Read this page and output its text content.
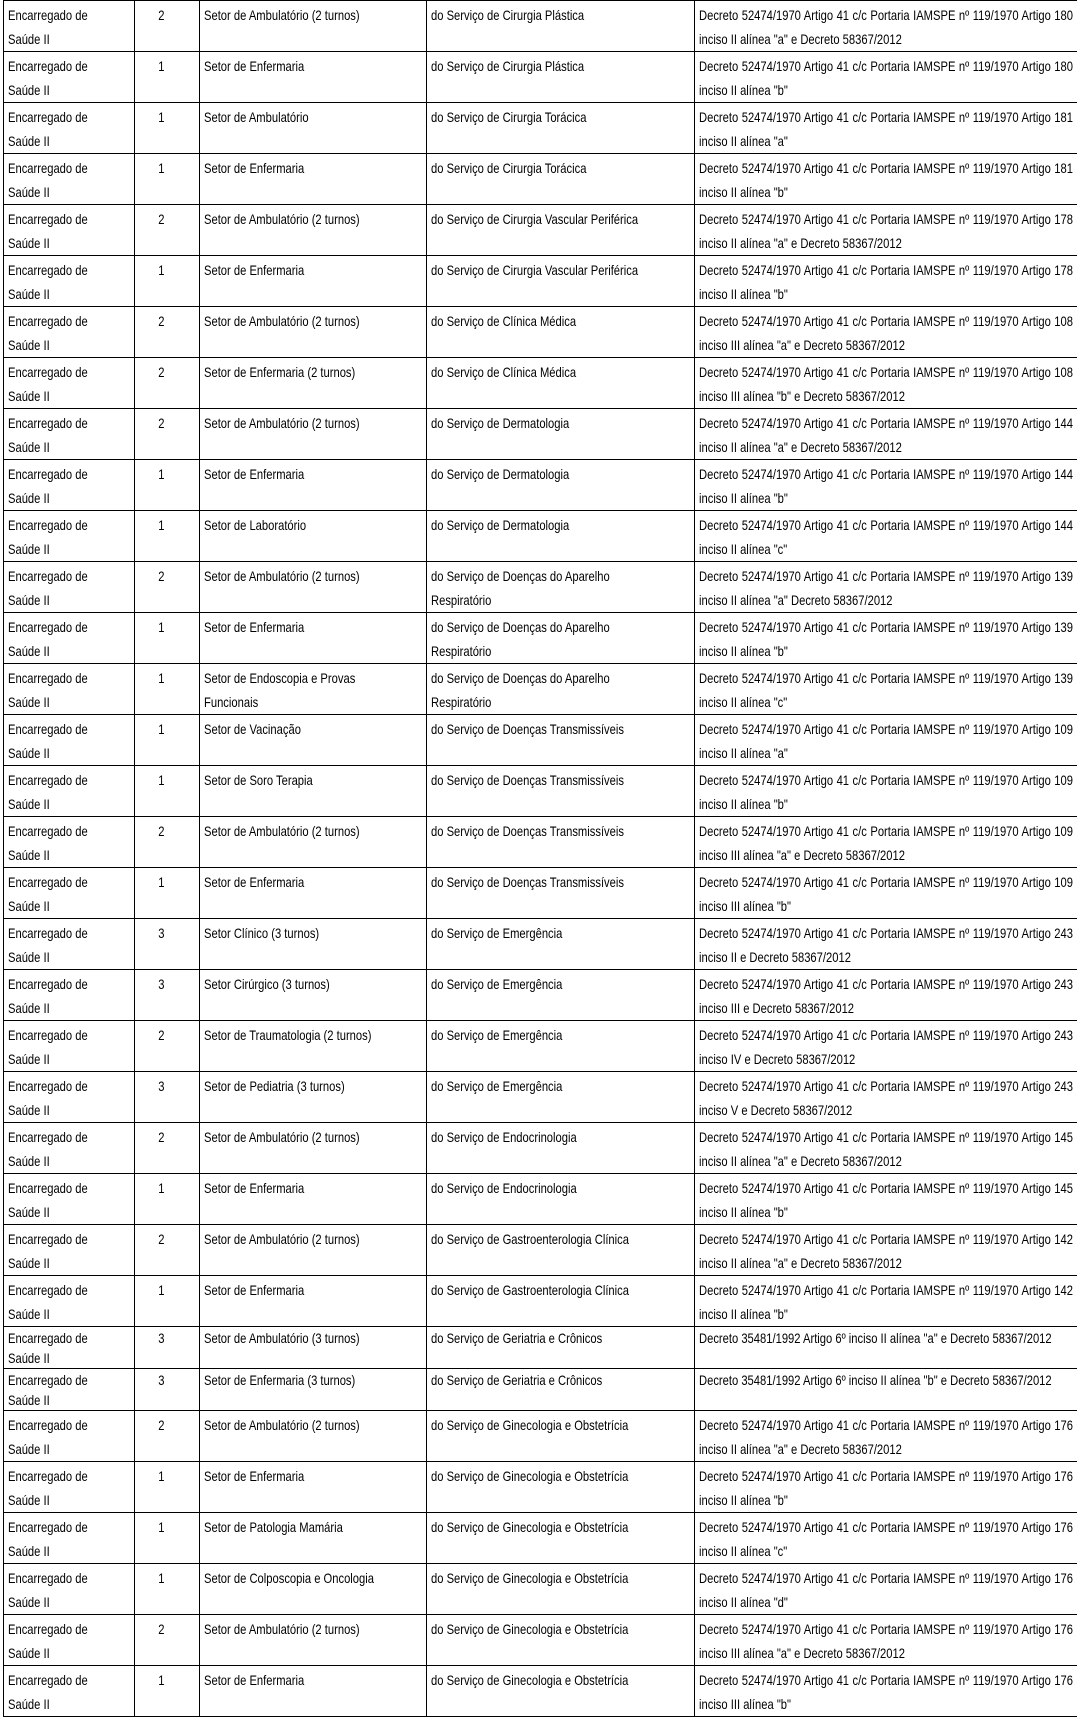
Encarregado de Saúde II	2	Setor de Ambulatório (2 turnos)	do Serviço de Cirurgia Plástica	Decreto 52474/1970 Artigo 41 c/c Portaria IAMSPE nº 119/1970 Artigo 180 inciso II alínea "a" e Decreto 58367/2012

Encarregado de Saúde II	1	Setor de Enfermaria	do Serviço de Cirurgia Plástica	Decreto 52474/1970 Artigo 41 c/c Portaria IAMSPE nº 119/1970 Artigo 180 inciso II alínea "b"

Encarregado de Saúde II	1	Setor de Ambulatório	do Serviço de Cirurgia Torácica	Decreto 52474/1970 Artigo 41 c/c Portaria IAMSPE nº 119/1970 Artigo 181 inciso II alínea "a"

Encarregado de Saúde II	1	Setor de Enfermaria	do Serviço de Cirurgia Torácica	Decreto 52474/1970 Artigo 41 c/c Portaria IAMSPE nº 119/1970 Artigo 181 inciso II alínea "b"

Encarregado de Saúde II	2	Setor de Ambulatório (2 turnos)	do Serviço de Cirurgia Vascular Periférica	Decreto 52474/1970 Artigo 41 c/c Portaria IAMSPE nº 119/1970 Artigo 178 inciso II alínea "a" e Decreto 58367/2012

Encarregado de Saúde II	1	Setor de Enfermaria	do Serviço de Cirurgia Vascular Periférica	Decreto 52474/1970 Artigo 41 c/c Portaria IAMSPE nº 119/1970 Artigo 178 inciso II alínea "b"

Encarregado de Saúde II	2	Setor de Ambulatório (2 turnos)	do Serviço de Clínica Médica	Decreto 52474/1970 Artigo 41 c/c Portaria IAMSPE nº 119/1970 Artigo 108 inciso III alínea "a" e Decreto 58367/2012

Encarregado de Saúde II	2	Setor de Enfermaria (2 turnos)	do Serviço de Clínica Médica	Decreto 52474/1970 Artigo 41 c/c Portaria IAMSPE nº 119/1970 Artigo 108 inciso III alínea "b" e Decreto 58367/2012

Encarregado de Saúde II	2	Setor de Ambulatório (2 turnos)	do Serviço de Dermatologia	Decreto 52474/1970 Artigo 41 c/c Portaria IAMSPE nº 119/1970 Artigo 144 inciso II alínea "a" e Decreto 58367/2012

Encarregado de Saúde II	1	Setor de Enfermaria	do Serviço de Dermatologia	Decreto 52474/1970 Artigo 41 c/c Portaria IAMSPE nº 119/1970 Artigo 144 inciso II alínea "b"

Encarregado de Saúde II	1	Setor de Laboratório	do Serviço de Dermatologia	Decreto 52474/1970 Artigo 41 c/c Portaria IAMSPE nº 119/1970 Artigo 144 inciso II alínea "c"

Encarregado de Saúde II	2	Setor de Ambulatório (2 turnos)	do Serviço de Doenças do Aparelho Respiratório	Decreto 52474/1970 Artigo 41 c/c Portaria IAMSPE nº 119/1970 Artigo 139 inciso II alínea "a" Decreto 58367/2012

Encarregado de Saúde II	1	Setor de Enfermaria	do Serviço de Doenças do Aparelho Respiratório	Decreto 52474/1970 Artigo 41 c/c Portaria IAMSPE nº 119/1970 Artigo 139 inciso II alínea "b"

Encarregado de Saúde II	1	Setor de Endoscopia e Provas Funcionais	do Serviço de Doenças do Aparelho Respiratório	Decreto 52474/1970 Artigo 41 c/c Portaria IAMSPE nº 119/1970 Artigo 139 inciso II alínea "c"

Encarregado de Saúde II	1	Setor de Vacinação	do Serviço de Doenças Transmissíveis	Decreto 52474/1970 Artigo 41 c/c Portaria IAMSPE nº 119/1970 Artigo 109 inciso II alínea "a"

Encarregado de Saúde II	1	Setor de Soro Terapia	do Serviço de Doenças Transmissíveis	Decreto 52474/1970 Artigo 41 c/c Portaria IAMSPE nº 119/1970 Artigo 109 inciso II alínea "b"

Encarregado de Saúde II	2	Setor de Ambulatório (2 turnos)	do Serviço de Doenças Transmissíveis	Decreto 52474/1970 Artigo 41 c/c Portaria IAMSPE nº 119/1970 Artigo 109 inciso III alínea "a" e Decreto 58367/2012

Encarregado de Saúde II	1	Setor de Enfermaria	do Serviço de Doenças Transmissíveis	Decreto 52474/1970 Artigo 41 c/c Portaria IAMSPE nº 119/1970 Artigo 109 inciso III alínea "b"

Encarregado de Saúde II	3	Setor Clínico (3 turnos)	do Serviço de Emergência	Decreto 52474/1970 Artigo 41 c/c Portaria IAMSPE nº 119/1970 Artigo 243 inciso II e Decreto 58367/2012

Encarregado de Saúde II	3	Setor Cirúrgico (3 turnos)	do Serviço de Emergência	Decreto 52474/1970 Artigo 41 c/c Portaria IAMSPE nº 119/1970 Artigo 243 inciso III e Decreto 58367/2012

Encarregado de Saúde II	2	Setor de Traumatologia (2 turnos)	do Serviço de Emergência	Decreto 52474/1970 Artigo 41 c/c Portaria IAMSPE nº 119/1970 Artigo 243 inciso IV e Decreto 58367/2012

Encarregado de Saúde II	3	Setor de Pediatria (3 turnos)	do Serviço de Emergência	Decreto 52474/1970 Artigo 41 c/c Portaria IAMSPE nº 119/1970 Artigo 243 inciso V e Decreto 58367/2012

Encarregado de Saúde II	2	Setor de Ambulatório (2 turnos)	do Serviço de Endocrinologia	Decreto 52474/1970 Artigo 41 c/c Portaria IAMSPE nº 119/1970 Artigo 145 inciso II alínea "a" e Decreto 58367/2012

Encarregado de Saúde II	1	Setor de Enfermaria	do Serviço de Endocrinologia	Decreto 52474/1970 Artigo 41 c/c Portaria IAMSPE nº 119/1970 Artigo 145 inciso II alínea "b"

Encarregado de Saúde II	2	Setor de Ambulatório (2 turnos)	do Serviço de Gastroenterologia Clínica	Decreto 52474/1970 Artigo 41 c/c Portaria IAMSPE nº 119/1970 Artigo 142 inciso II alínea "a" e Decreto 58367/2012

Encarregado de Saúde II	1	Setor de Enfermaria	do Serviço de Gastroenterologia Clínica	Decreto 52474/1970 Artigo 41 c/c Portaria IAMSPE nº 119/1970 Artigo 142 inciso II alínea "b"

Encarregado de Saúde II	3	Setor de Ambulatório (3 turnos)	do Serviço de Geriatria e Crônicos	Decreto 35481/1992 Artigo 6º inciso II alínea "a" e Decreto 58367/2012

Encarregado de Saúde II	3	Setor de Enfermaria (3 turnos)	do Serviço de Geriatria e Crônicos	Decreto 35481/1992 Artigo 6º inciso II alínea "b" e Decreto 58367/2012

Encarregado de Saúde II	2	Setor de Ambulatório (2 turnos)	do Serviço de Ginecologia e Obstetrícia	Decreto 52474/1970 Artigo 41 c/c Portaria IAMSPE nº 119/1970 Artigo 176 inciso II alínea "a" e Decreto 58367/2012

Encarregado de Saúde II	1	Setor de Enfermaria	do Serviço de Ginecologia e Obstetrícia	Decreto 52474/1970 Artigo 41 c/c Portaria IAMSPE nº 119/1970 Artigo 176 inciso II alínea "b"

Encarregado de Saúde II	1	Setor de Patologia Mamária	do Serviço de Ginecologia e Obstetrícia	Decreto 52474/1970 Artigo 41 c/c Portaria IAMSPE nº 119/1970 Artigo 176 inciso II alínea "c"

Encarregado de Saúde II	1	Setor de Colposcopia e Oncologia	do Serviço de Ginecologia e Obstetrícia	Decreto 52474/1970 Artigo 41 c/c Portaria IAMSPE nº 119/1970 Artigo 176 inciso II alínea "d"

Encarregado de Saúde II	2	Setor de Ambulatório (2 turnos)	do Serviço de Ginecologia e Obstetrícia	Decreto 52474/1970 Artigo 41 c/c Portaria IAMSPE nº 119/1970 Artigo 176 inciso III alínea "a" e Decreto 58367/2012

Encarregado de Saúde II	1	Setor de Enfermaria	do Serviço de Ginecologia e Obstetrícia	Decreto 52474/1970 Artigo 41 c/c Portaria IAMSPE nº 119/1970 Artigo 176 inciso III alínea "b"
